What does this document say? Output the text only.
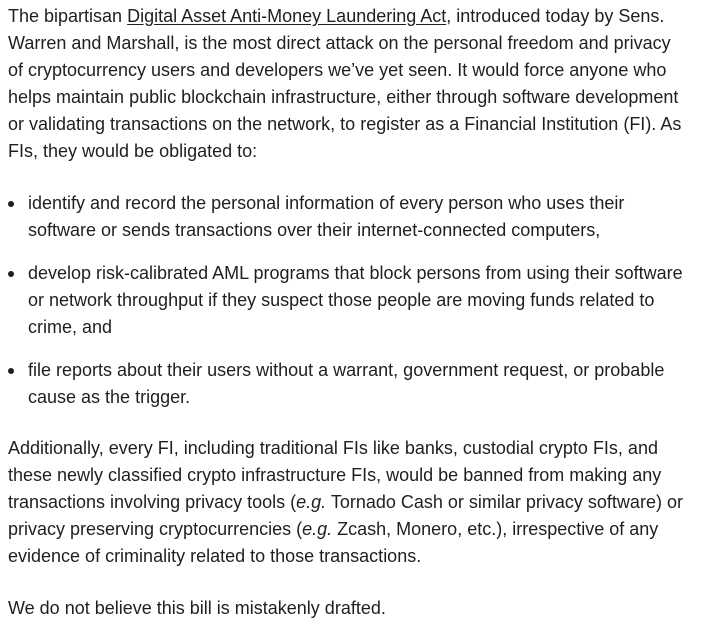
The bipartisan Digital Asset Anti-Money Laundering Act, introduced today by Sens. Warren and Marshall, is the most direct attack on the personal freedom and privacy of cryptocurrency users and developers we’ve yet seen. It would force anyone who helps maintain public blockchain infrastructure, either through software development or validating transactions on the network, to register as a Financial Institution (FI). As FIs, they would be obligated to:

identify and record the personal information of every person who uses their software or sends transactions over their internet-connected computers,
develop risk-calibrated AML programs that block persons from using their software or network throughput if they suspect those people are moving funds related to crime, and
file reports about their users without a warrant, government request, or probable cause as the trigger.

Additionally, every FI, including traditional FIs like banks, custodial crypto FIs, and these newly classified crypto infrastructure FIs, would be banned from making any transactions involving privacy tools (e.g. Tornado Cash or similar privacy software) or privacy preserving cryptocurrencies (e.g. Zcash, Monero, etc.), irrespective of any evidence of criminality related to those transactions.

We do not believe this bill is mistakenly drafted.
